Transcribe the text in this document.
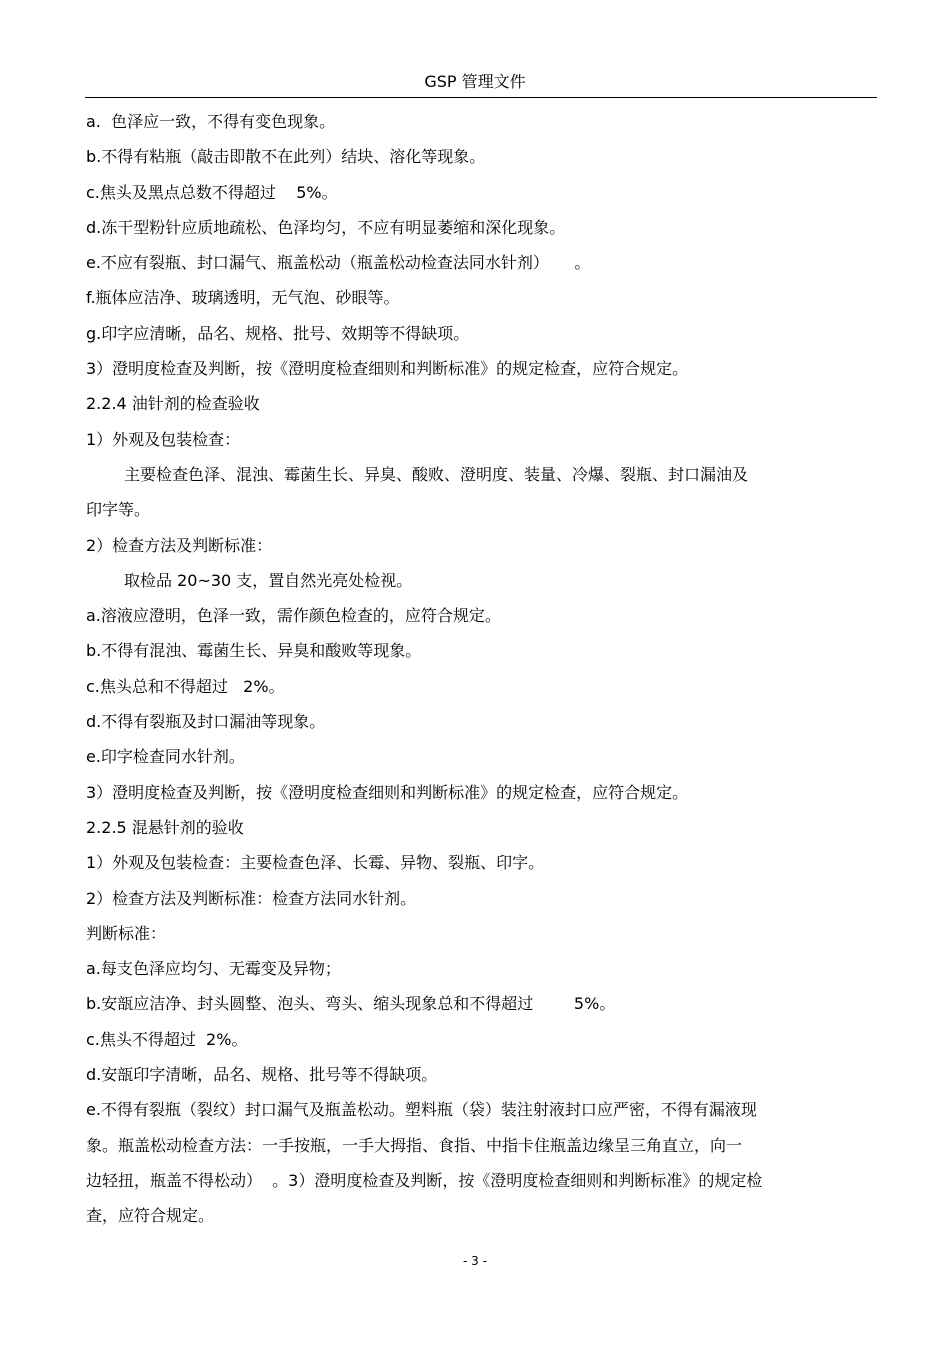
GSP 管理文件
a.  色泽应一致，不得有变色现象。
b.不得有粘瓶（敲击即散不在此列）结块、溶化等现象。
c.焦头及黑点总数不得超过    5%。
d.冻干型粉针应质地疏松、色泽均匀，不应有明显萎缩和深化现象。
e.不应有裂瓶、封口漏气、瓶盖松动（瓶盖松动检查法同水针剂）     。
f.瓶体应洁净、玻璃透明，无气泡、砂眼等。
g.印字应清晰，品名、规格、批号、效期等不得缺项。
3）澄明度检查及判断，按《澄明度检查细则和判断标准》的规定检查，应符合规定。
2.2.4 油针剂的检查验收
1）外观及包装检查：
主要检查色泽、混浊、霉菌生长、异臭、酸败、澄明度、装量、冷爆、裂瓶、封口漏油及
印字等。
2）检查方法及判断标准：
取检品 20~30 支，置自然光亮处检视。
a.溶液应澄明，色泽一致，需作颜色检查的，应符合规定。
b.不得有混浊、霉菌生长、异臭和酸败等现象。
c.焦头总和不得超过   2%。
d.不得有裂瓶及封口漏油等现象。
e.印字检查同水针剂。
3）澄明度检查及判断，按《澄明度检查细则和判断标准》的规定检查，应符合规定。
2.2.5 混悬针剂的验收
1）外观及包装检查：主要检查色泽、长霉、异物、裂瓶、印字。
2）检查方法及判断标准：检查方法同水针剂。
判断标准：
a.每支色泽应均匀、无霉变及异物；
b.安瓿应洁净、封头圆整、泡头、弯头、缩头现象总和不得超过        5%。
c.焦头不得超过  2%。
d.安瓿印字清晰，品名、规格、批号等不得缺项。
e.不得有裂瓶（裂纹）封口漏气及瓶盖松动。塑料瓶（袋）装注射液封口应严密，不得有漏液现
象。瓶盖松动检查方法：一手按瓶，一手大拇指、食指、中指卡住瓶盖边缘呈三角直立，向一
边轻扭，瓶盖不得松动）  。3）澄明度检查及判断，按《澄明度检查细则和判断标准》的规定检
查，应符合规定。
- 3 -
